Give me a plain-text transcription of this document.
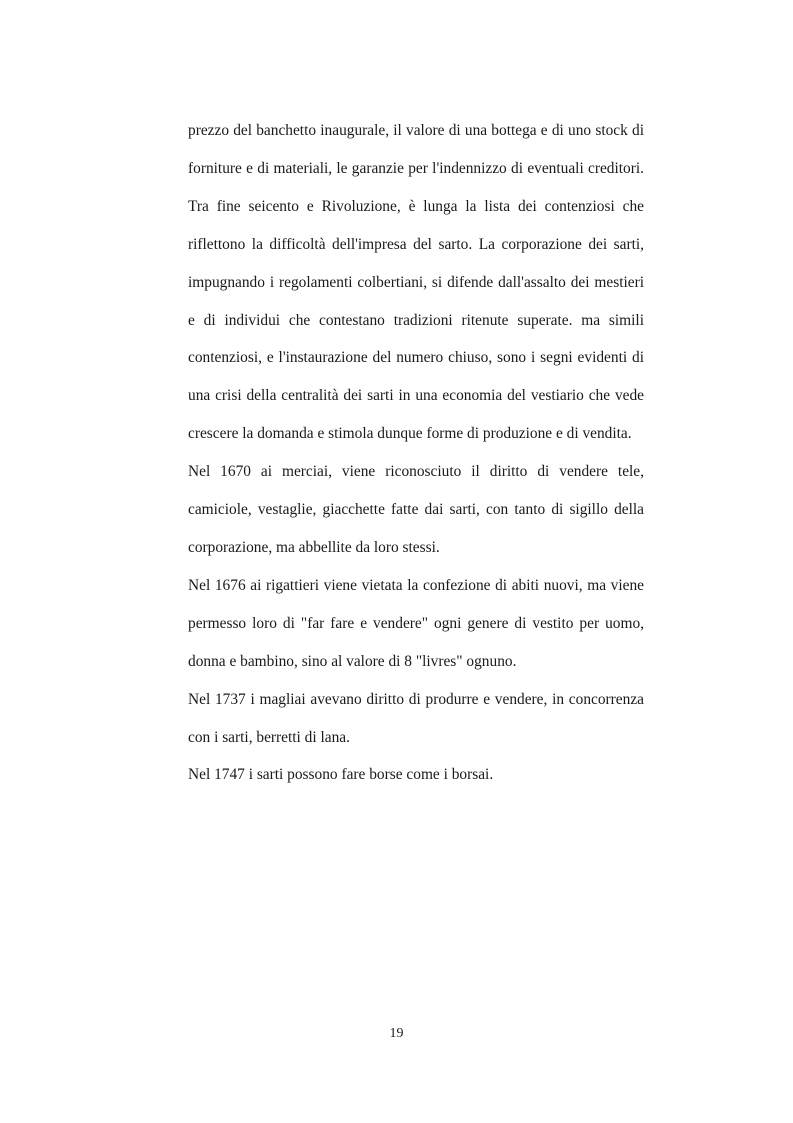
prezzo del banchetto inaugurale, il valore di una bottega e di uno stock di forniture e di materiali, le garanzie per l'indennizzo di eventuali creditori. Tra fine seicento e Rivoluzione, è lunga la lista dei contenziosi che riflettono la difficoltà dell'impresa del sarto. La corporazione dei sarti, impugnando i regolamenti colbertiani, si difende dall'assalto dei mestieri e di individui che contestano tradizioni ritenute superate. ma simili contenziosi, e l'instaurazione del numero chiuso, sono i segni evidenti di una crisi della centralità dei sarti in una economia del vestiario che vede crescere la domanda e stimola dunque forme di produzione e di vendita.

Nel 1670 ai merciai, viene riconosciuto il diritto di vendere tele, camiciole, vestaglie, giacchette fatte dai sarti, con tanto di sigillo della corporazione, ma abbellite da loro stessi.

Nel 1676 ai rigattieri viene vietata la confezione di abiti nuovi, ma viene permesso loro di "far fare e vendere" ogni genere di vestito per uomo, donna e bambino, sino al valore di 8 "livres" ognuno.

Nel 1737 i magliai avevano diritto di produrre e vendere, in concorrenza con i sarti, berretti di lana.

Nel 1747 i sarti possono fare borse come i borsai.

19
